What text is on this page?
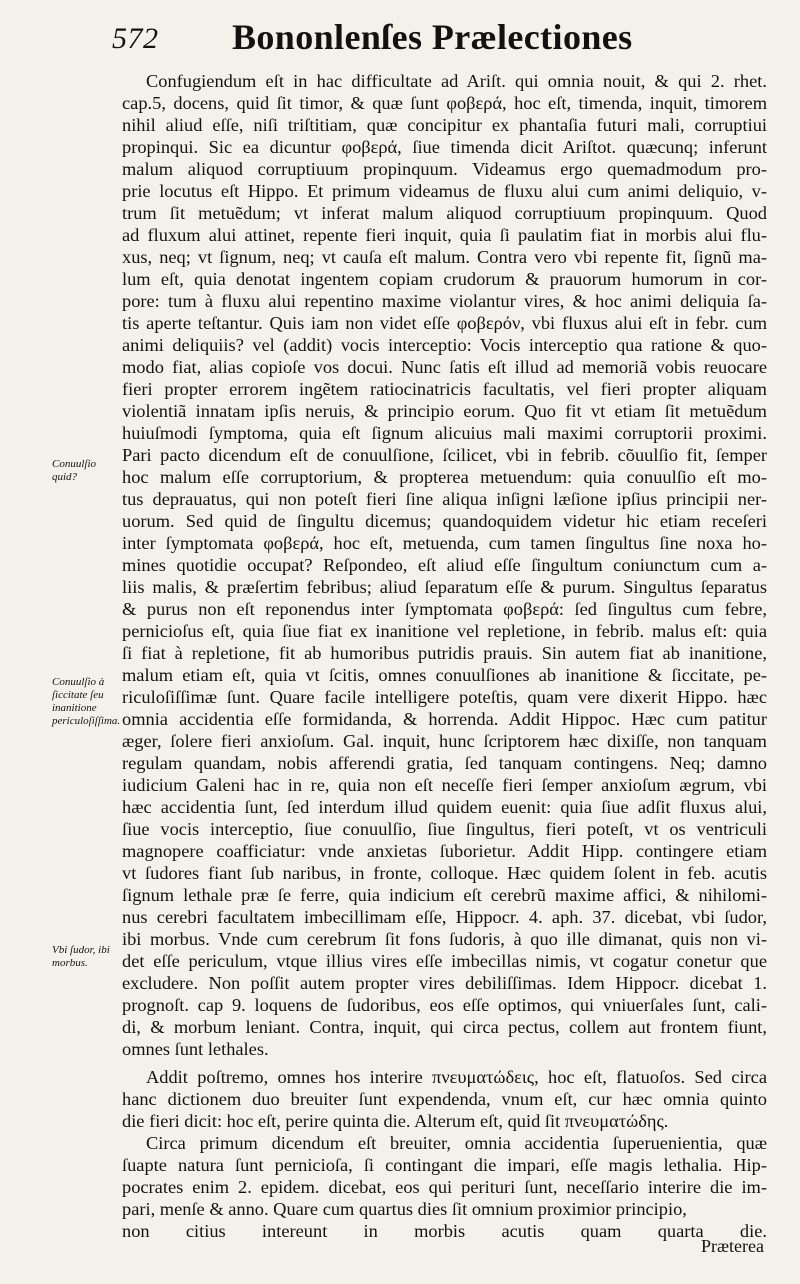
572 Bononlenſes Prælectiones
Conuulſio quid?
Conuulſio à ſiccitate ſeu inanitione periculoſiſſima.
Vbi ſudor, ibi morbus.
Confugiendum eſt in hac difficultate ad Ariſt. qui omnia nouit, & qui 2. rhet.
cap.5, docens, quid ſit timor, & quæ ſunt φοβερά, hoc eſt, timenda, inquit, timorem
nihil aliud eſſe, niſi triſtitiam, quæ concipitur ex phantaſia futuri mali, corruptiui
propinqui. Sic ea dicuntur φοβερά, ſiue timenda dicit Ariſtot. quæcunq; inferunt
malum aliquod corruptiuum propinquum. Videamus ergo quemadmodum pro-
prie locutus eſt Hippo. Et primum videamus de fluxu alui cum animi deliquio, v-
trum ſit metuẽdum; vt inferat malum aliquod corruptiuum propinquum. Quod
ad fluxum alui attinet, repente fieri inquit, quia ſi paulatim fiat in morbis alui flu-
xus, neq; vt ſignum, neq; vt cauſa eſt malum. Contra vero vbi repente fit, ſignũ ma-
lum eſt, quia denotat ingentem copiam crudorum & prauorum humorum in cor-
pore: tum à fluxu alui repentino maxime violantur vires, & hoc animi deliquia ſa-
tis aperte teſtantur. Quis iam non videt eſſe φοβερόν, vbi fluxus alui eſt in febr. cum
animi deliquiis? vel (addit) vocis interceptio: Vocis interceptio qua ratione & quo-
modo fiat, alias copioſe vos docui. Nunc ſatis eſt illud ad memoriã vobis reuocare
fieri propter errorem ingẽtem ratiocinatricis facultatis, vel fieri propter aliquam
violentiã innatam ipſis neruis, & principio eorum. Quo fit vt etiam ſit metuẽdum
huiuſmodi ſymptoma, quia eſt ſignum alicuius mali maximi corruptorii proximi.
Pari pacto dicendum eſt de conuulſione, ſcilicet, vbi in febrib. cõuulſio fit, ſemper
hoc malum eſſe corruptorium, & propterea metuendum: quia conuulſio eſt mo-
tus deprauatus, qui non poteſt fieri ſine aliqua inſigni læſione ipſius principii ner-
uorum. Sed quid de ſingultu dicemus; quandoquidem videtur hic etiam receſeri
inter ſymptomata φοβερά, hoc eſt, metuenda, cum tamen ſingultus ſine noxa ho-
mines quotidie occupat? Reſpondeo, eſt aliud eſſe ſingultum coniunctum cum a-
liis malis, & præſertim febribus; aliud ſeparatum eſſe & purum. Singultus ſeparatus
& purus non eſt reponendus inter ſymptomata φοβερά: ſed ſingultus cum febre,
pernicioſus eſt, quia ſiue fiat ex inanitione vel repletione, in febrib. malus eſt: quia
ſi fiat à repletione, fit ab humoribus putridis prauis. Sin autem fiat ab inanitione,
malum etiam eſt, quia vt ſcitis, omnes conuulſiones ab inanitione & ſiccitate, pe-
riculoſiſſimæ ſunt. Quare facile intelligere poteſtis, quam vere dixerit Hippo. hæc
omnia accidentia eſſe formidanda, & horrenda. Addit Hippoc. Hæc cum patitur
æger, ſolere fieri anxioſum. Gal. inquit, hunc ſcriptorem hæc dixiſſe, non tanquam
regulam quandam, nobis afferendi gratia, ſed tanquam contingens. Neq; damno
iudicium Galeni hac in re, quia non eſt neceſſe fieri ſemper anxioſum ægrum, vbi
hæc accidentia ſunt, ſed interdum illud quidem euenit: quia ſiue adſit fluxus alui,
ſiue vocis interceptio, ſiue conuulſio, ſiue ſingultus, fieri poteſt, vt os ventriculi
magnopere coafficiatur: vnde anxietas ſuborietur. Addit Hipp. contingere etiam
vt ſudores fiant ſub naribus, in fronte, colloque. Hæc quidem ſolent in feb. acutis
ſignum lethale præ ſe ferre, quia indicium eſt cerebrũ maxime affici, & nihilomi-
nus cerebri facultatem imbecillimam eſſe, Hippocr. 4. aph. 37. dicebat, vbi ſudor,
ibi morbus. Vnde cum cerebrum ſit fons ſudoris, à quo ille dimanat, quis non vi-
det eſſe periculum, vtque illius vires eſſe imbecillas nimis, vt cogatur conetur que
excludere. Non poſſit autem propter vires debiliſſimas. Idem Hippocr. dicebat 1.
prognoſt. cap 9. loquens de ſudoribus, eos eſſe optimos, qui vniuerſales ſunt, cali-
di, & morbum leniant. Contra, inquit, qui circa pectus, collem aut frontem fiunt,
omnes ſunt lethales.
Addit poſtremo, omnes hos interire πνευματώδεις, hoc eſt, flatuoſos. Sed circa
hanc dictionem duo breuiter ſunt expendenda, vnum eſt, cur hæc omnia quinto
die fieri dicit: hoc eſt, perire quinta die. Alterum eſt, quid ſit πνευματώδης.
Circa primum dicendum eſt breuiter, omnia accidentia ſuperuenientia, quæ
ſuapte natura ſunt pernicioſa, ſi contingant die impari, eſſe magis lethalia. Hip-
pocrates enim 2. epidem. dicebat, eos qui perituri ſunt, neceſſario interire die im-
pari, menſe & anno. Quare cum quartus dies ſit omnium proximior principio,
non citius intereunt in morbis acutis quam quarta die.
Præterea
